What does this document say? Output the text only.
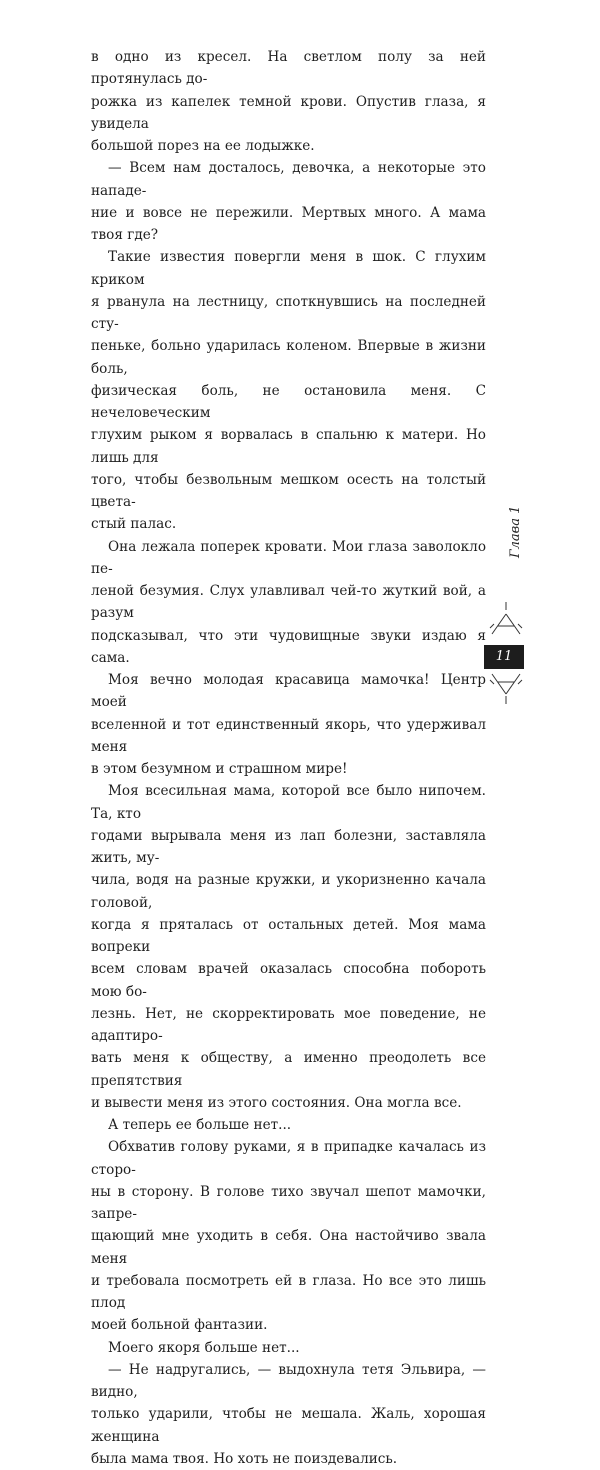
в одно из кресел. На светлом полу за ней протянулась до-
рожка из капелек темной крови. Опустив глаза, я увидела
большой порез на ее лодыжке.

— Всем нам досталось, девочка, а некоторые это нападе-
ние и вовсе не пережили. Мертвых много. А мама твоя где?

Такие известия повергли меня в шок. С глухим криком
я рванула на лестницу, споткнувшись на последней сту-
пеньке, больно ударилась коленом. Впервые в жизни боль,
физическая боль, не остановила меня. С нечеловеческим
глухим рыком я ворвалась в спальню к матери. Но лишь для
того, чтобы безвольным мешком осесть на толстый цвета-
стый палас.

Она лежала поперек кровати. Мои глаза заволокло пе-
леной безумия. Слух улавливал чей-то жуткий вой, а разум
подсказывал, что эти чудовищные звуки издаю я сама.

Моя вечно молодая красавица мамочка! Центр моей
вселенной и тот единственный якорь, что удерживал меня
в этом безумном и страшном мире!

Моя всесильная мама, которой все было нипочем. Та, кто
годами вырывала меня из лап болезни, заставляла жить, му-
чила, водя на разные кружки, и укоризненно качала головой,
когда я пряталась от остальных детей. Моя мама вопреки
всем словам врачей оказалась способна побороть мою бо-
лезнь. Нет, не скорректировать мое поведение, не адаптиро-
вать меня к обществу, а именно преодолеть все препятствия
и вывести меня из этого состояния. Она могла все.

А теперь ее больше нет...

Обхватив голову руками, я в припадке качалась из сторо-
ны в сторону. В голове тихо звучал шепот мамочки, запре-
щающий мне уходить в себя. Она настойчиво звала меня
и требовала посмотреть ей в глаза. Но все это лишь плод
моей больной фантазии.

Моего якоря больше нет...

— Не надругались, — выдохнула тетя Эльвира, — видно,
только ударили, чтобы не мешала. Жаль, хорошая женщина
была мама твоя. Но хоть не поиздевались.

Глава 1
11
